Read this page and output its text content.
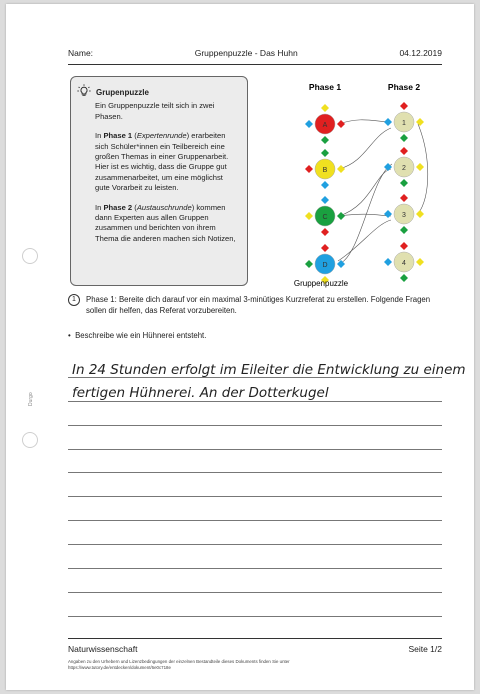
Durgo
Name:	Gruppenpuzzle - Das Huhn	04.12.2019
Grupenpuzzle

Ein Gruppenpuzzle teilt sich in zwei Phasen.

In Phase 1 (Expertenrunde) erarbeiten sich Schüler*innen ein Teilbereich eine großen Themas in einer Gruppenarbeit. Hier ist es wichtig, dass die Gruppe gut zusammenarbeitet, um eine möglichst gute Vorarbeit zu leisten.

In Phase 2 (Austauschrunde) kommen dann Experten aus allen Gruppen zusammen und berichten von ihrem Thema die anderen machen sich Notizen,

Phase 1	Phase 2
A
B
C
D
1
2
3
4
Gruppenpuzzle
1	Phase 1: Bereite dich darauf vor ein maximal 3-minütiges Kurzreferat zu erstellen. Folgende Fragen sollen dir helfen, das Referat vorzubereiten.
•  Beschreibe wie ein Hühnerei entsteht.
In 24 Stunden erfolgt im Eileiter die Entwicklung zu einem
fertigen Hühnerei. An der Dotterkugel
Naturwissenschaft	Seite 1/2
Angaben zu den Urhebern und Lizenzbedingungen der einzelnen Bestandteile dieses Dokuments finden Sie unter
https://www.tutory.de/entdecken/dokument/6e0c718e
